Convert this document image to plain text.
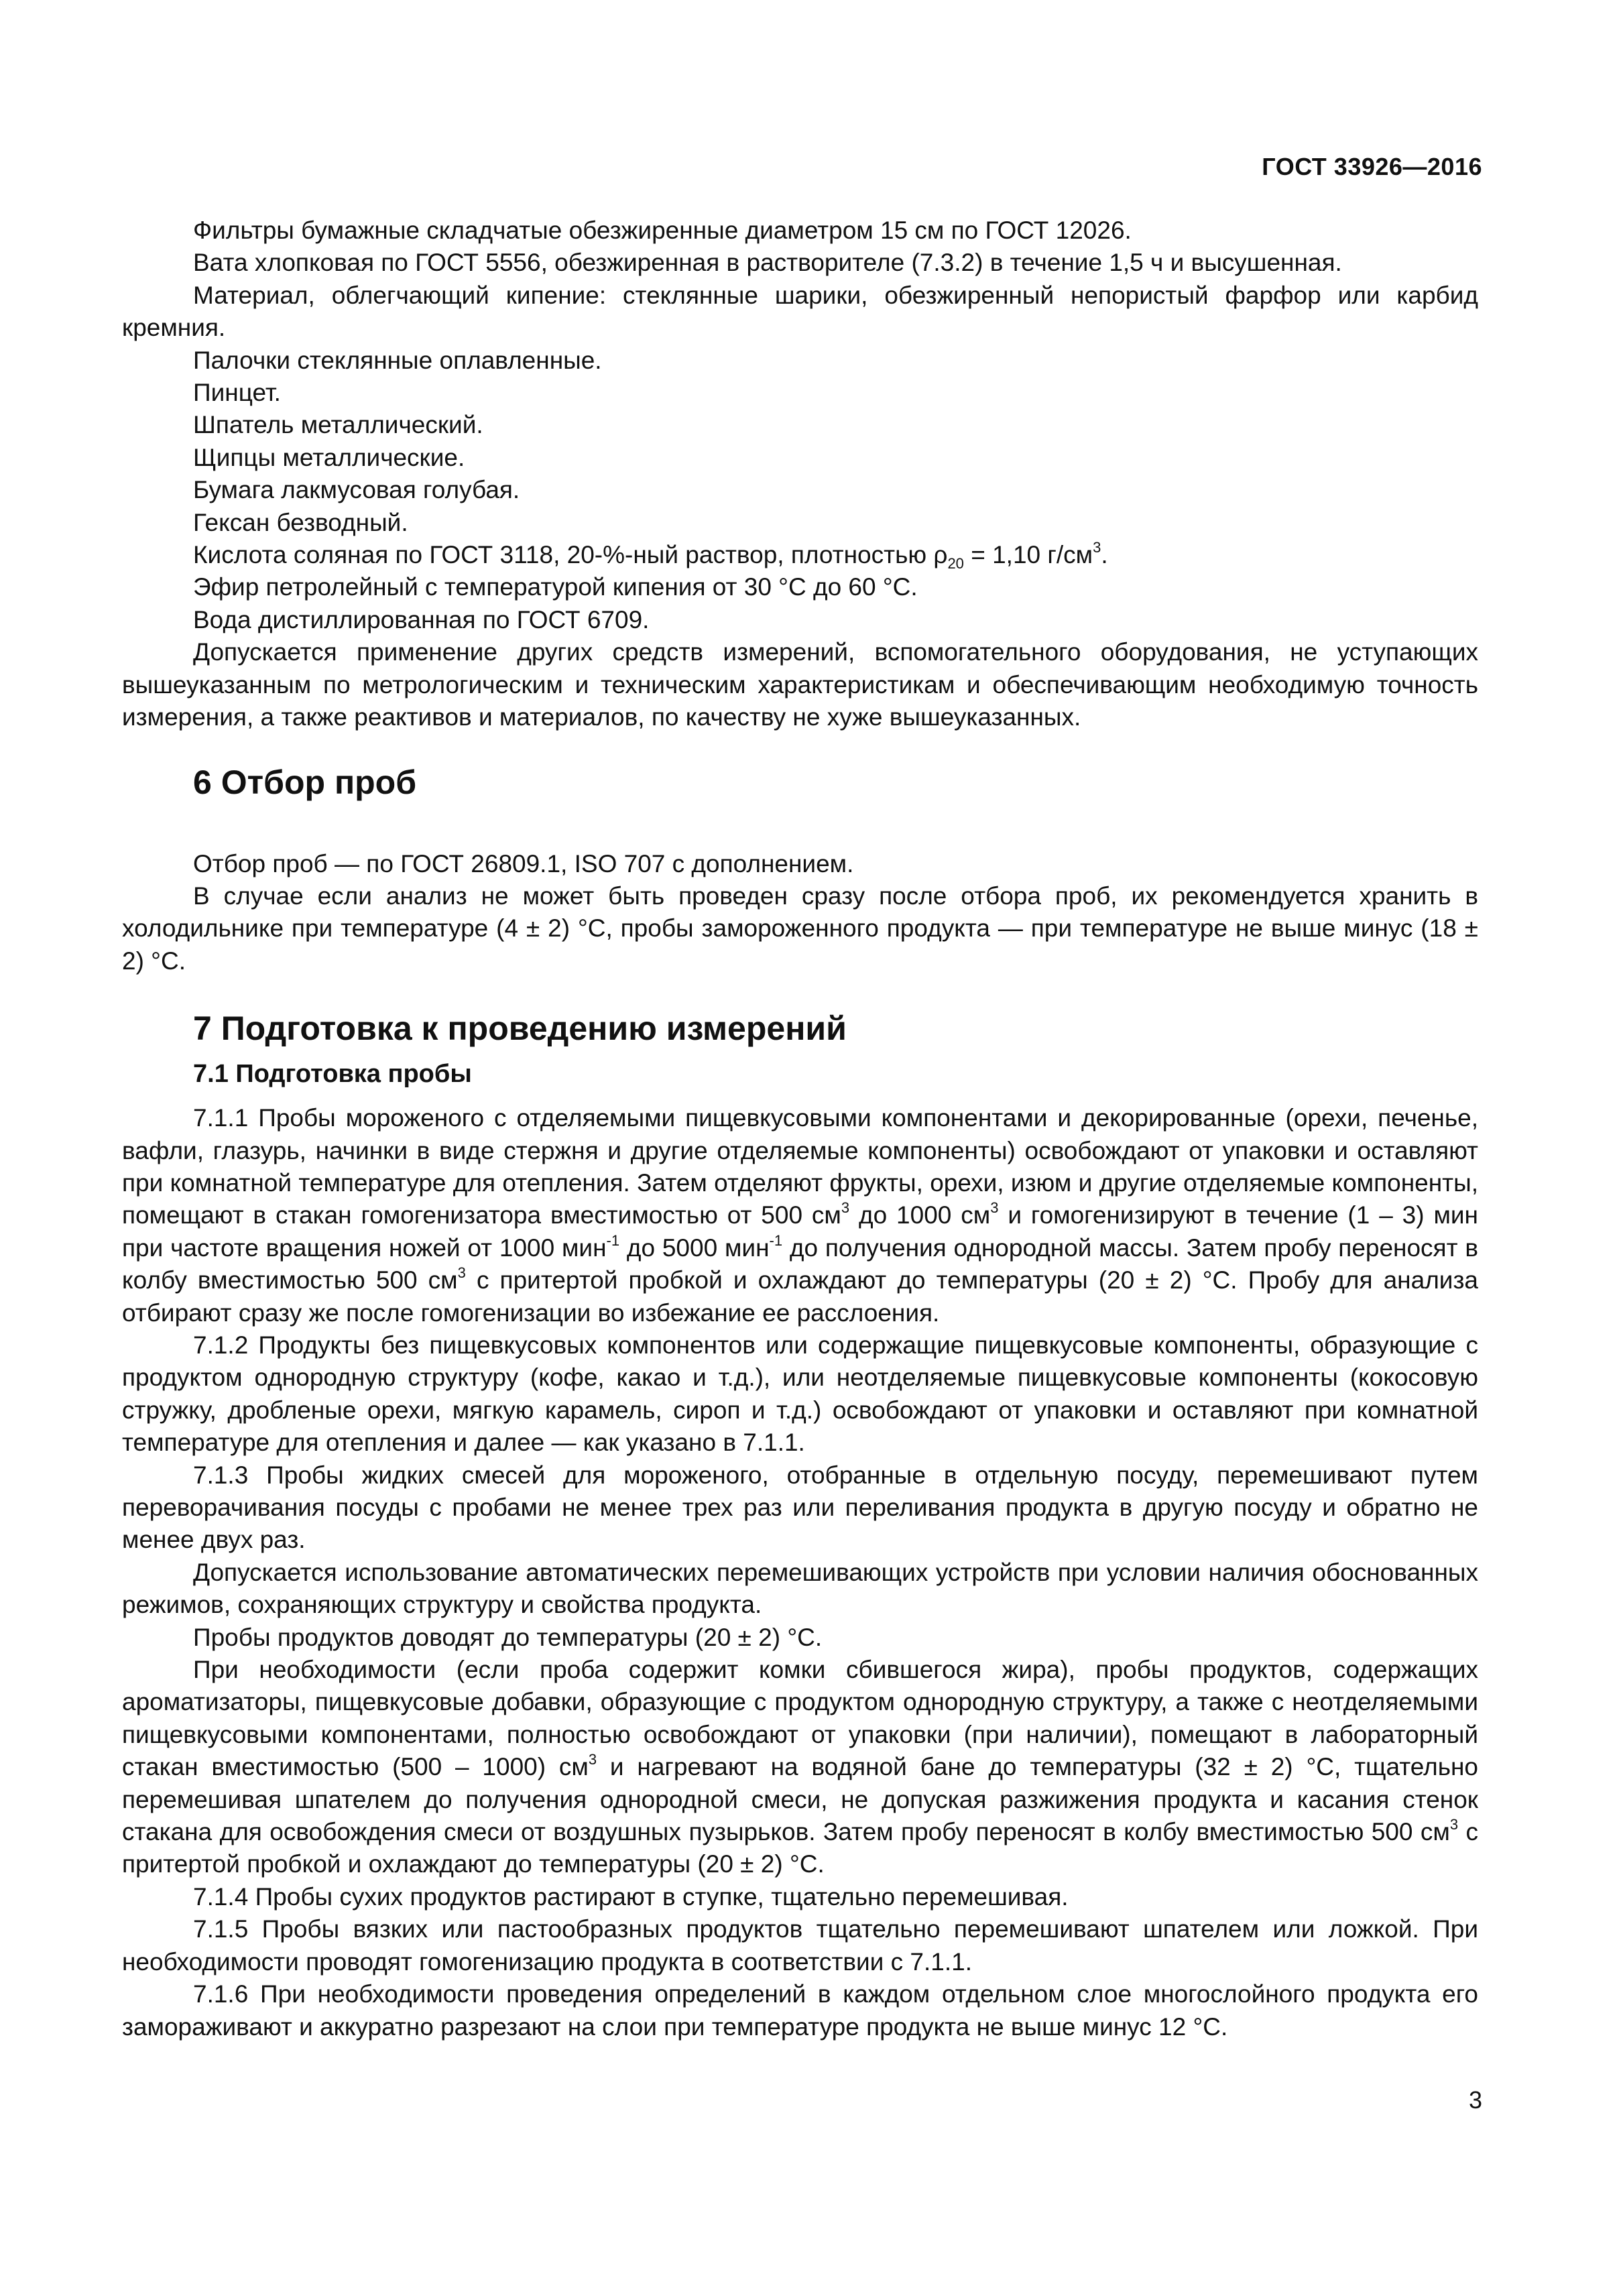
ГОСТ 33926—2016

Фильтры бумажные складчатые обезжиренные диаметром 15 см по ГОСТ 12026.

Вата хлопковая по ГОСТ 5556, обезжиренная в растворителе (7.3.2) в течение 1,5 ч и высушенная.

Материал, облегчающий кипение: стеклянные шарики, обезжиренный непористый фарфор или карбид кремния.

Палочки стеклянные оплавленные.

Пинцет.

Шпатель металлический.

Щипцы металлические.

Бумага лакмусовая голубая.

Гексан безводный.

Кислота соляная по ГОСТ 3118, 20-%-ный раствор, плотностью $\rho_{20} = 1,10$ $г/см^3$.

Эфир петролейный с температурой кипения от 30 °С до 60 °С.

Вода дистиллированная по ГОСТ 6709.

Допускается применение других средств измерений, вспомогательного оборудования, не уступающих вышеуказанным по метрологическим и техническим характеристикам и обеспечивающим необходимую точность измерения, а также реактивов и материалов, по качеству не хуже вышеуказанных.

6 Отбор проб

Отбор проб — по ГОСТ 26809.1, ISO 707 с дополнением.

В случае если анализ не может быть проведен сразу после отбора проб, их рекомендуется хранить в холодильнике при температуре (4 ± 2) °С, пробы замороженного продукта — при температуре не выше минус (18 ± 2) °С.

7 Подготовка к проведению измерений
7.1 Подготовка пробы

7.1.1 Пробы мороженого с отделяемыми пищевкусовыми компонентами и декорированные (орехи, печенье, вафли, глазурь, начинки в виде стержня и другие отделяемые компоненты) освобождают от упаковки и оставляют при комнатной температуре для отепления. Затем отделяют фрукты, орехи, изюм и другие отделяемые компоненты, помещают в стакан гомогенизатора вместимостью от 500 $см^3$ до 1000 $см^3$ и гомогенизируют в течение (1 – 3) мин при частоте вращения ножей от 1000 мин$^{-1}$ до 5000 мин$^{-1}$ до получения однородной массы. Затем пробу переносят в колбу вместимостью 500 $см^3$ с притертой пробкой и охлаждают до температуры (20 ± 2) °С. Пробу для анализа отбирают сразу же после гомогенизации во избежание ее расслоения.

7.1.2 Продукты без пищевкусовых компонентов или содержащие пищевкусовые компоненты, образующие с продуктом однородную структуру (кофе, какао и т.д.), или неотделяемые пищевкусовые компоненты (кокосовую стружку, дробленые орехи, мягкую карамель, сироп и т.д.) освобождают от упаковки и оставляют при комнатной температуре для отепления и далее — как указано в 7.1.1.

7.1.3 Пробы жидких смесей для мороженого, отобранные в отдельную посуду, перемешивают путем переворачивания посуды с пробами не менее трех раз или переливания продукта в другую посуду и обратно не менее двух раз.

Допускается использование автоматических перемешивающих устройств при условии наличия обоснованных режимов, сохраняющих структуру и свойства продукта.

Пробы продуктов доводят до температуры (20 ± 2) °С.

При необходимости (если проба содержит комки сбившегося жира), пробы продуктов, содержащих ароматизаторы, пищевкусовые добавки, образующие с продуктом однородную структуру, а также с неотделяемыми пищевкусовыми компонентами, полностью освобождают от упаковки (при наличии), помещают в лабораторный стакан вместимостью (500 – 1000) $см^3$ и нагревают на водяной бане до температуры (32 ± 2) °С, тщательно перемешивая шпателем до получения однородной смеси, не допуская разжижения продукта и касания стенок стакана для освобождения смеси от воздушных пузырьков. Затем пробу переносят в колбу вместимостью 500 $см^3$ с притертой пробкой и охлаждают до температуры (20 ± 2) °С.

7.1.4 Пробы сухих продуктов растирают в ступке, тщательно перемешивая.

7.1.5 Пробы вязких или пастообразных продуктов тщательно перемешивают шпателем или ложкой. При необходимости проводят гомогенизацию продукта в соответствии с 7.1.1.

7.1.6 При необходимости проведения определений в каждом отдельном слое многослойного продукта его замораживают и аккуратно разрезают на слои при температуре продукта не выше минус 12 °С.

3
